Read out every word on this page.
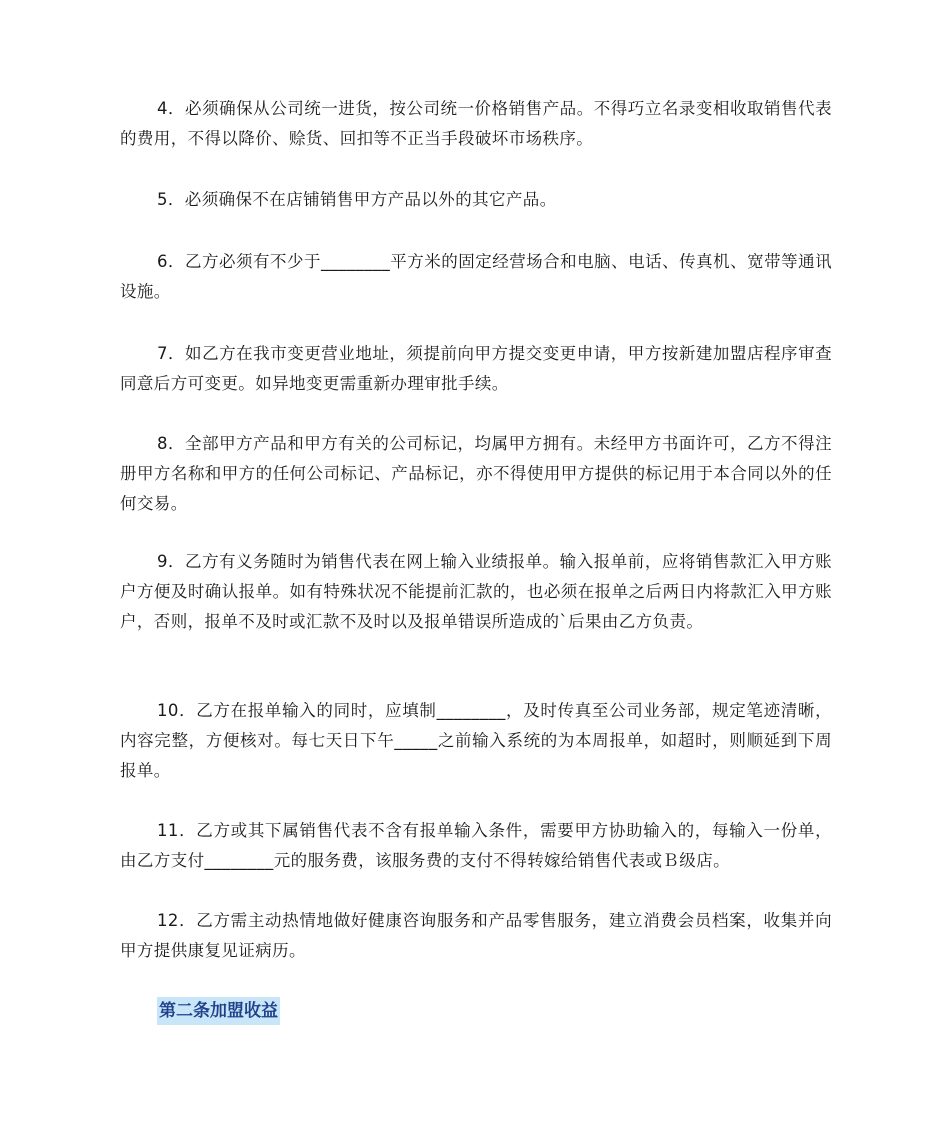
4．必须确保从公司统一进货，按公司统一价格销售产品。不得巧立名录变相收取销售代表的费用，不得以降价、赊货、回扣等不正当手段破坏市场秩序。

5．必须确保不在店铺销售甲方产品以外的其它产品。

6．乙方必须有不少于________平方米的固定经营场合和电脑、电话、传真机、宽带等通讯设施。

7．如乙方在我市变更营业地址，须提前向甲方提交变更申请，甲方按新建加盟店程序审查同意后方可变更。如异地变更需重新办理审批手续。

8．全部甲方产品和甲方有关的公司标记，均属甲方拥有。未经甲方书面许可，乙方不得注册甲方名称和甲方的任何公司标记、产品标记，亦不得使用甲方提供的标记用于本合同以外的任何交易。

9．乙方有义务随时为销售代表在网上输入业绩报单。输入报单前，应将销售款汇入甲方账户方便及时确认报单。如有特殊状况不能提前汇款的，也必须在报单之后两日内将款汇入甲方账户，否则，报单不及时或汇款不及时以及报单错误所造成的`后果由乙方负责。

10．乙方在报单输入的同时，应填制________，及时传真至公司业务部，规定笔迹清晰，内容完整，方便核对。每七天日下午_____之前输入系统的为本周报单，如超时，则顺延到下周报单。

11．乙方或其下属销售代表不含有报单输入条件，需要甲方协助输入的，每输入一份单，由乙方支付________元的服务费，该服务费的支付不得转嫁给销售代表或Ｂ级店。

12．乙方需主动热情地做好健康咨询服务和产品零售服务，建立消费会员档案，收集并向甲方提供康复见证病历。

第二条加盟收益
